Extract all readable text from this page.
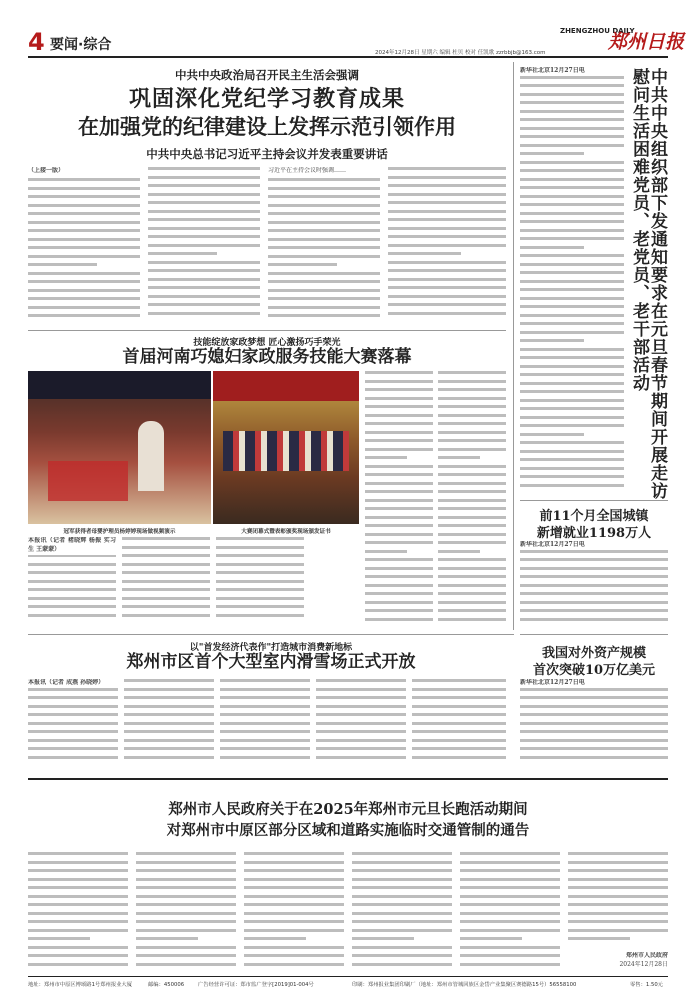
4 要闻·综合
ZHENGZHOU DAILY
郑州日报
2024年12月28日 星期六 编辑 杜贝 校对 任凯歌 zzrbbjb@163.com
中共中央政治局召开民主生活会强调
巩固深化党纪学习教育成果
在加强党的纪律建设上发挥示范引领作用
中共中央总书记习近平主持会议并发表重要讲话
（上接一版）	习近平在主持会议时强调……
新华社北京12月27日电	中共中央组织部下发通知要求在元旦春节期间开展走访慰问生活困难党员、老党员、老干部活动
前11个月全国城镇
新增就业1198万人
新华社北京12月27日电
我国对外资产规模
首次突破10万亿美元
新华社北京12月27日电
技能绽放家政梦想 匠心激扬巧手荣光
首届河南巧媳妇家政服务技能大赛落幕
冠军获得者母婴护理员杨婷婷现场做视频演示	大赛闭幕式暨表彰颁奖现场颁发证书
本报讯（记者 褚晓辉 杨振 实习生 王蒙蒙）
以"首发经济代表作"打造城市消费新地标
郑州市区首个大型室内滑雪场正式开放
本报讯（记者 成燕 孙晓婷）
郑州市人民政府关于在2025年郑州市元旦长跑活动期间
对郑州市中原区部分区域和道路实施临时交通管制的通告
郑州市人民政府
2024年12月28日
地址：郑州市中原区博颂路1号郑州报业大厦	邮编：450006	广告经营许可证：郑市监广登字[2019]01-004号	印刷：郑州报业集团印刷厂（地址：郑州市管城回族区金岱产业集聚区赛德路15号）56558100	零售：1.50元
